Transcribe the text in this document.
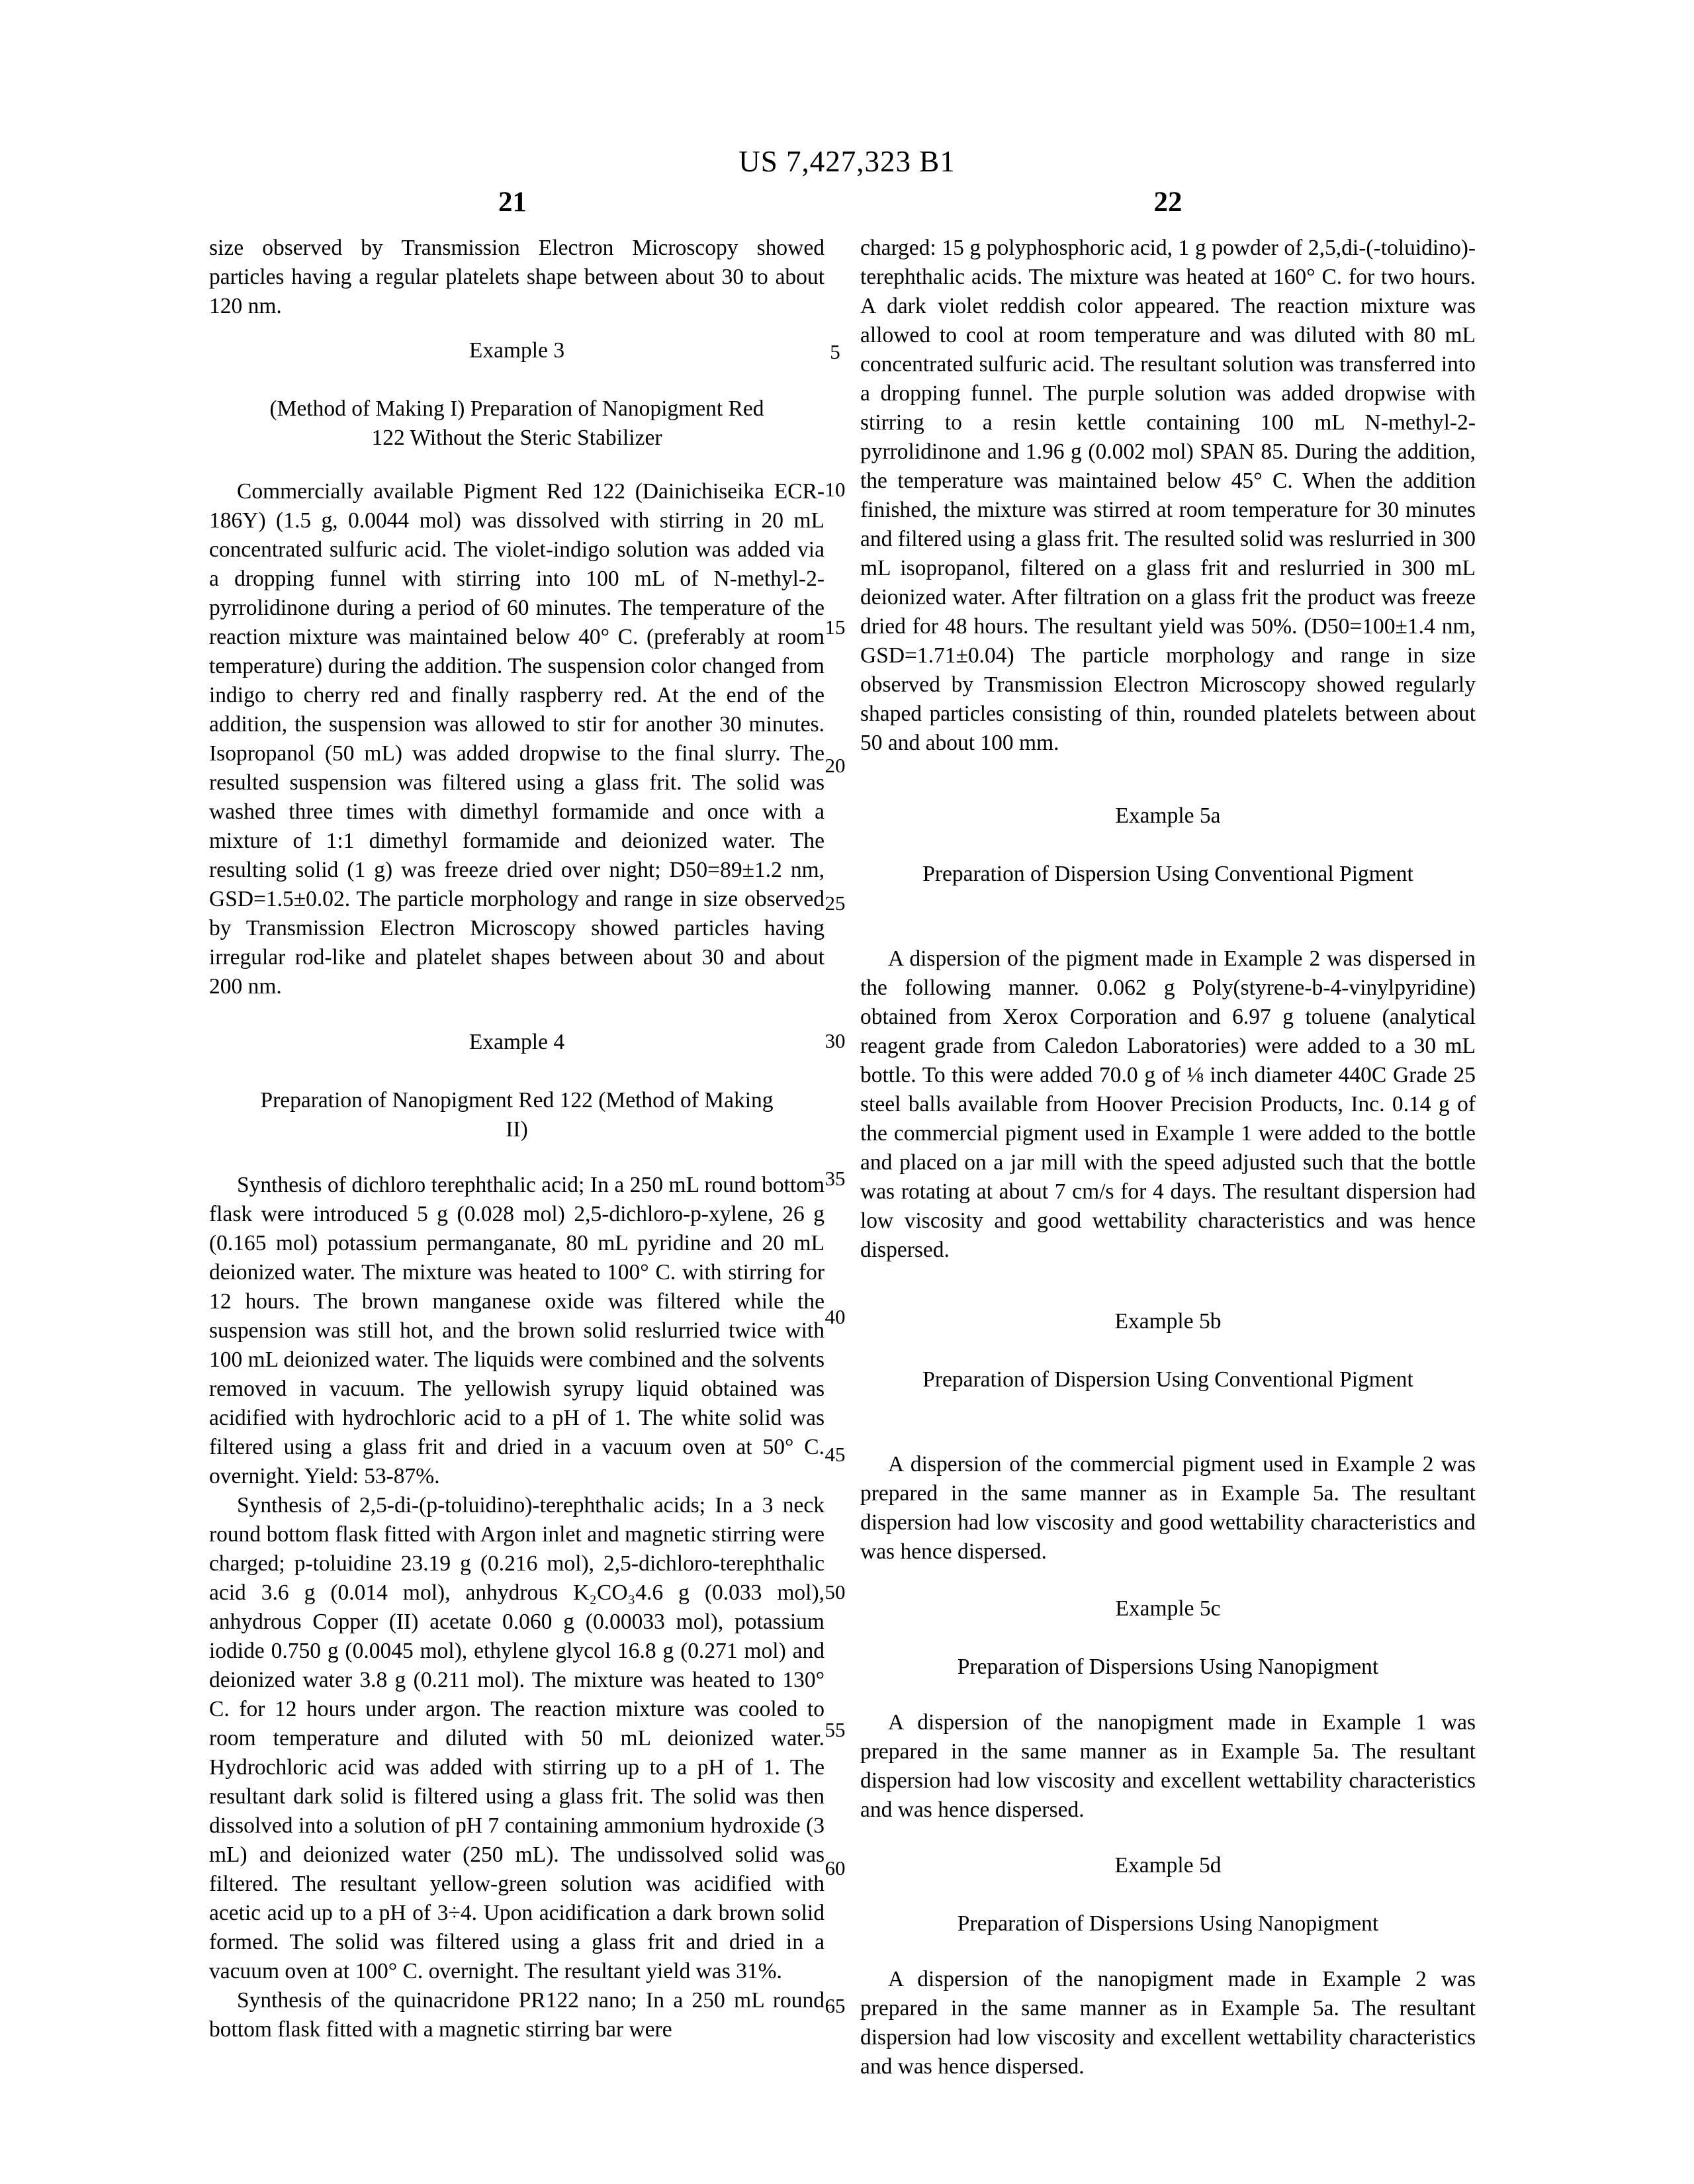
US 7,427,323 B1
21	22
5
10
15
20
25
30
35
40
45
50
55
60
65
size observed by Transmission Electron Microscopy showed particles having a regular platelets shape between about 30 to about 120 nm.
Example 3
(Method of Making I) Preparation of Nanopigment Red 122 Without the Steric Stabilizer
Commercially available Pigment Red 122 (Dainichiseika ECR-186Y) (1.5 g, 0.0044 mol) was dissolved with stirring in 20 mL concentrated sulfuric acid. The violet-indigo solution was added via a dropping funnel with stirring into 100 mL of N-methyl-2-pyrrolidinone during a period of 60 minutes. The temperature of the reaction mixture was maintained below 40° C. (preferably at room temperature) during the addition. The suspension color changed from indigo to cherry red and finally raspberry red. At the end of the addition, the suspension was allowed to stir for another 30 minutes. Isopropanol (50 mL) was added dropwise to the final slurry. The resulted suspension was filtered using a glass frit. The solid was washed three times with dimethyl formamide and once with a mixture of 1:1 dimethyl formamide and deionized water. The resulting solid (1 g) was freeze dried over night; D50=89±1.2 nm, GSD=1.5±0.02. The particle morphology and range in size observed by Transmission Electron Microscopy showed particles having irregular rod-like and platelet shapes between about 30 and about 200 nm.
Example 4
Preparation of Nanopigment Red 122 (Method of Making II)
Synthesis of dichloro terephthalic acid; In a 250 mL round bottom flask were introduced 5 g (0.028 mol) 2,5-dichloro-p-xylene, 26 g (0.165 mol) potassium permanganate, 80 mL pyridine and 20 mL deionized water. The mixture was heated to 100° C. with stirring for 12 hours. The brown manganese oxide was filtered while the suspension was still hot, and the brown solid reslurried twice with 100 mL deionized water. The liquids were combined and the solvents removed in vacuum. The yellowish syrupy liquid obtained was acidified with hydrochloric acid to a pH of 1. The white solid was filtered using a glass frit and dried in a vacuum oven at 50° C. overnight. Yield: 53-87%.
Synthesis of 2,5-di-(p-toluidino)-terephthalic acids; In a 3 neck round bottom flask fitted with Argon inlet and magnetic stirring were charged; p-toluidine 23.19 g (0.216 mol), 2,5-dichloro-terephthalic acid 3.6 g (0.014 mol), anhydrous K₂CO₃4.6 g (0.033 mol), anhydrous Copper (II) acetate 0.060 g (0.00033 mol), potassium iodide 0.750 g (0.0045 mol), ethylene glycol 16.8 g (0.271 mol) and deionized water 3.8 g (0.211 mol). The mixture was heated to 130° C. for 12 hours under argon. The reaction mixture was cooled to room temperature and diluted with 50 mL deionized water. Hydrochloric acid was added with stirring up to a pH of 1. The resultant dark solid is filtered using a glass frit. The solid was then dissolved into a solution of pH 7 containing ammonium hydroxide (3 mL) and deionized water (250 mL). The undissolved solid was filtered. The resultant yellow-green solution was acidified with acetic acid up to a pH of 3÷4. Upon acidification a dark brown solid formed. The solid was filtered using a glass frit and dried in a vacuum oven at 100° C. overnight. The resultant yield was 31%.
Synthesis of the quinacridone PR122 nano; In a 250 mL round bottom flask fitted with a magnetic stirring bar were
charged: 15 g polyphosphoric acid, 1 g powder of 2,5,di-(-toluidino)-terephthalic acids. The mixture was heated at 160° C. for two hours. A dark violet reddish color appeared. The reaction mixture was allowed to cool at room temperature and was diluted with 80 mL concentrated sulfuric acid. The resultant solution was transferred into a dropping funnel. The purple solution was added dropwise with stirring to a resin kettle containing 100 mL N-methyl-2-pyrrolidinone and 1.96 g (0.002 mol) SPAN 85. During the addition, the temperature was maintained below 45° C. When the addition finished, the mixture was stirred at room temperature for 30 minutes and filtered using a glass frit. The resulted solid was reslurried in 300 mL isopropanol, filtered on a glass frit and reslurried in 300 mL deionized water. After filtration on a glass frit the product was freeze dried for 48 hours. The resultant yield was 50%. (D50=100±1.4 nm, GSD=1.71±0.04) The particle morphology and range in size observed by Transmission Electron Microscopy showed regularly shaped particles consisting of thin, rounded platelets between about 50 and about 100 mm.
Example 5a
Preparation of Dispersion Using Conventional Pigment
A dispersion of the pigment made in Example 2 was dispersed in the following manner. 0.062 g Poly(styrene-b-4-vinylpyridine) obtained from Xerox Corporation and 6.97 g toluene (analytical reagent grade from Caledon Laboratories) were added to a 30 mL bottle. To this were added 70.0 g of ⅛ inch diameter 440C Grade 25 steel balls available from Hoover Precision Products, Inc. 0.14 g of the commercial pigment used in Example 1 were added to the bottle and placed on a jar mill with the speed adjusted such that the bottle was rotating at about 7 cm/s for 4 days. The resultant dispersion had low viscosity and good wettability characteristics and was hence dispersed.
Example 5b
Preparation of Dispersion Using Conventional Pigment
A dispersion of the commercial pigment used in Example 2 was prepared in the same manner as in Example 5a. The resultant dispersion had low viscosity and good wettability characteristics and was hence dispersed.
Example 5c
Preparation of Dispersions Using Nanopigment
A dispersion of the nanopigment made in Example 1 was prepared in the same manner as in Example 5a. The resultant dispersion had low viscosity and excellent wettability characteristics and was hence dispersed.
Example 5d
Preparation of Dispersions Using Nanopigment
A dispersion of the nanopigment made in Example 2 was prepared in the same manner as in Example 5a. The resultant dispersion had low viscosity and excellent wettability characteristics and was hence dispersed.
